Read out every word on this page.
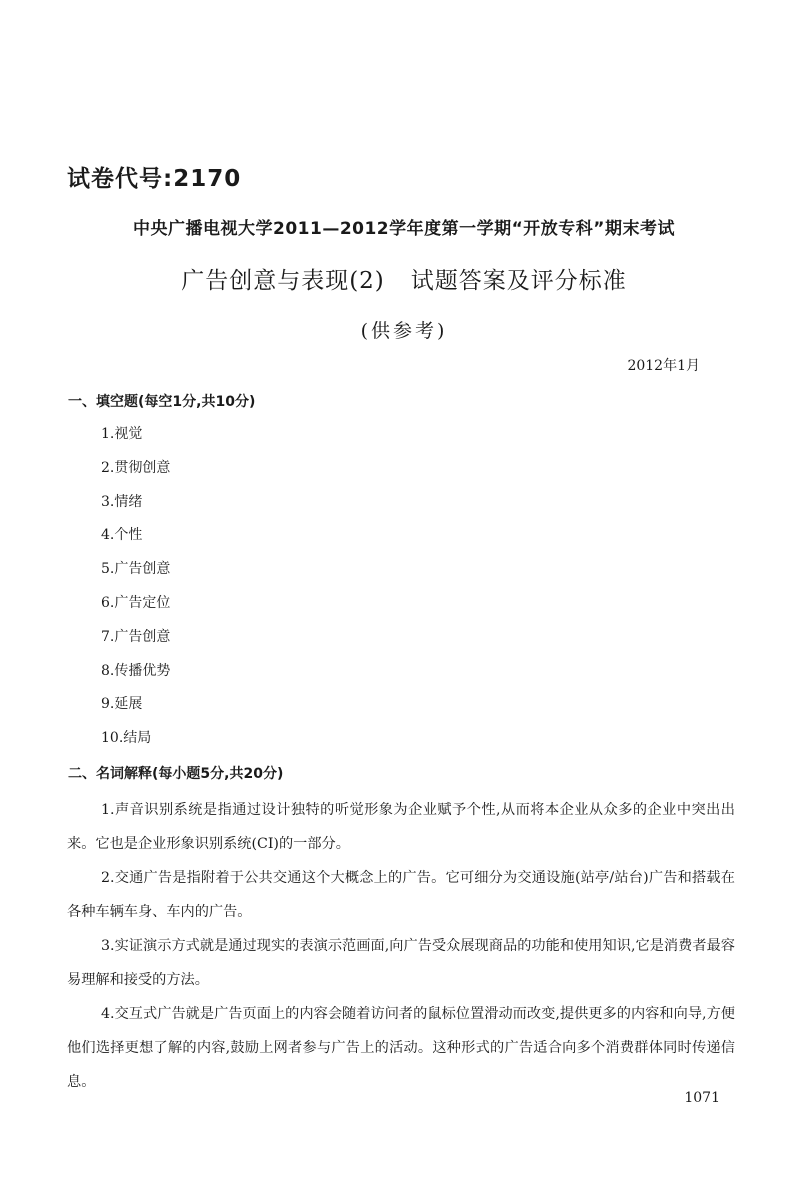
试卷代号:2170
中央广播电视大学2011—2012学年度第一学期“开放专科”期末考试
广告创意与表现(2) 试题答案及评分标准
(供参考)
2012年1月
一、填空题(每空1分,共10分)
1.视觉
2.贯彻创意
3.情绪
4.个性
5.广告创意
6.广告定位
7.广告创意
8.传播优势
9.延展
10.结局
二、名词解释(每小题5分,共20分)

1.声音识别系统是指通过设计独特的听觉形象为企业赋予个性,从而将本企业从众多的企业中突出出来。它也是企业形象识别系统(CI)的一部分。

2.交通广告是指附着于公共交通这个大概念上的广告。它可细分为交通设施(站亭/站台)广告和搭载在各种车辆车身、车内的广告。

3.实证演示方式就是通过现实的表演示范画面,向广告受众展现商品的功能和使用知识,它是消费者最容易理解和接受的方法。

4.交互式广告就是广告页面上的内容会随着访问者的鼠标位置滑动而改变,提供更多的内容和向导,方便他们选择更想了解的内容,鼓励上网者参与广告上的活动。这种形式的广告适合向多个消费群体同时传递信息。

1071
